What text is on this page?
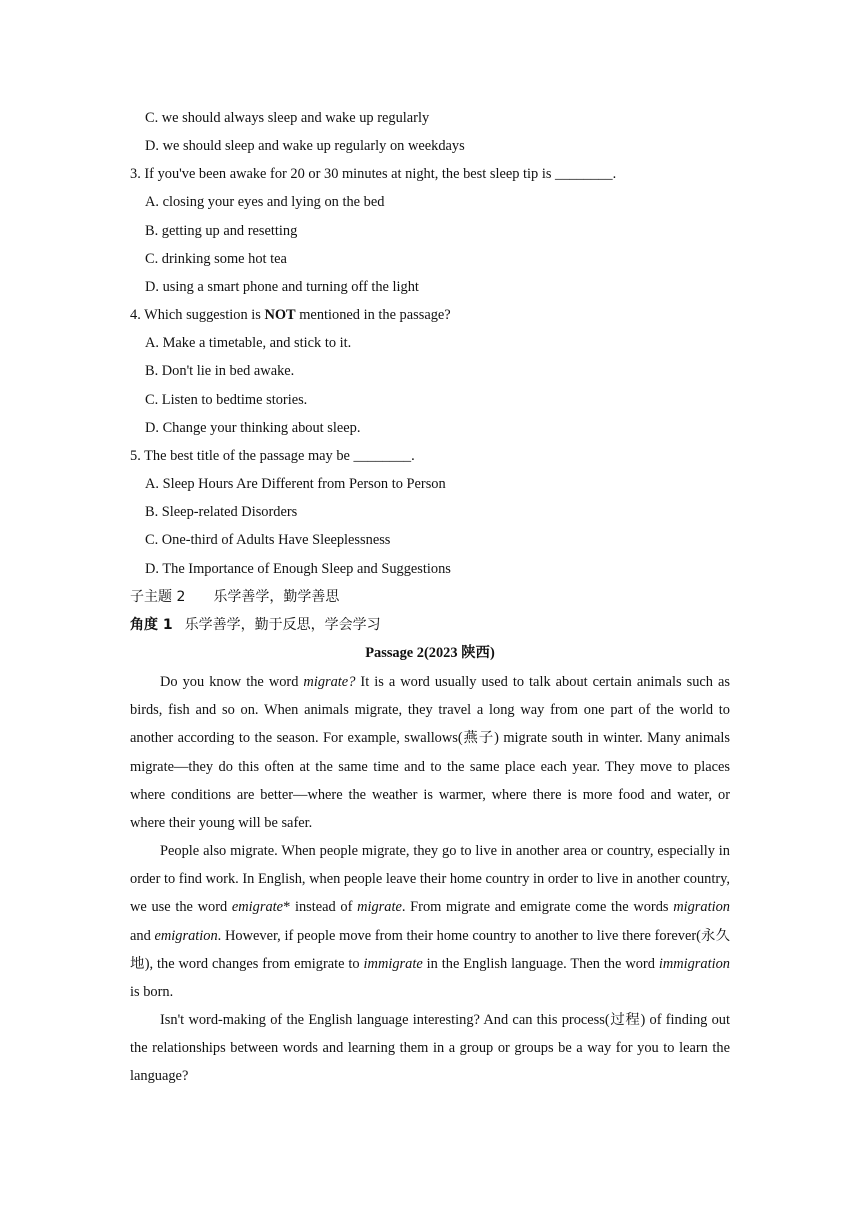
C. we should always sleep and wake up regularly
D. we should sleep and wake up regularly on weekdays
3. If you've been awake for 20 or 30 minutes at night, the best sleep tip is ________.
A. closing your eyes and lying on the bed
B. getting up and resetting
C. drinking some hot tea
D. using a smart phone and turning off the light
4. Which suggestion is NOT mentioned in the passage?
A. Make a timetable, and stick to it.
B. Don't lie in bed awake.
C. Listen to bedtime stories.
D. Change your thinking about sleep.
5. The best title of the passage may be ________.
A. Sleep Hours Are Different from Person to Person
B. Sleep-related Disorders
C. One-third of Adults Have Sleeplessness
D. The Importance of Enough Sleep and Suggestions
子主题 2 乐学善学，勤学善思
角度 1 乐学善学，勤于反思，学会学习
Passage 2(2023 陕西)
Do you know the word migrate? It is a word usually used to talk about certain animals such as birds, fish and so on. When animals migrate, they travel a long way from one part of the world to another according to the season. For example, swallows(燕子) migrate south in winter. Many animals migrate—they do this often at the same time and to the same place each year. They move to places where conditions are better—where the weather is warmer, where there is more food and water, or where their young will be safer.
People also migrate. When people migrate, they go to live in another area or country, especially in order to find work. In English, when people leave their home country in order to live in another country, we use the word emigrate* instead of migrate. From migrate and emigrate come the words migration and emigration. However, if people move from their home country to another to live there forever(永久地), the word changes from emigrate to immigrate in the English language. Then the word immigration is born.
Isn't word-making of the English language interesting? And can this process(过程) of finding out the relationships between words and learning them in a group or groups be a way for you to learn the language?
